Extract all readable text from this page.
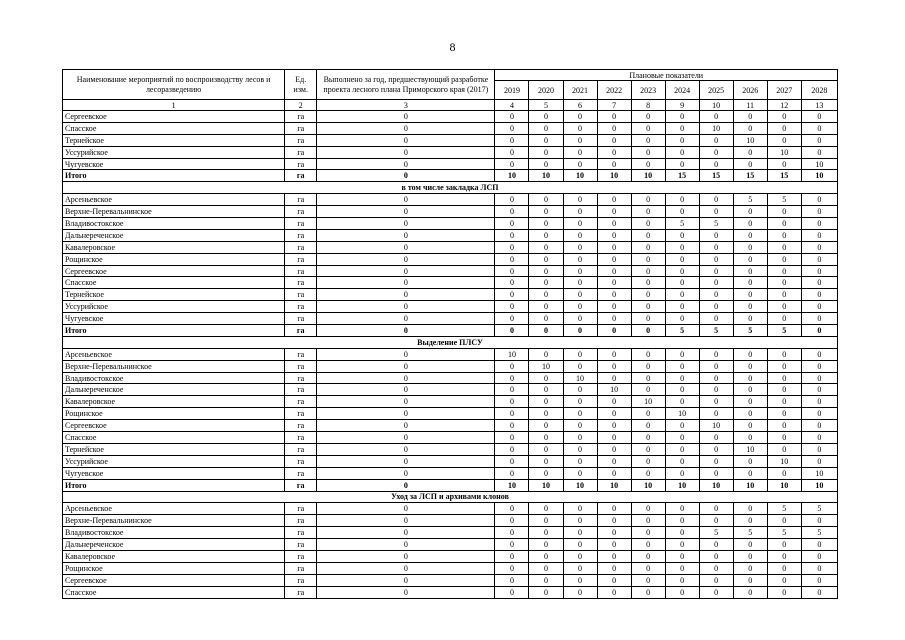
8
Наименование мероприятий по воспроизводству лесов и лесоразведению	Ед. изм.	Выполнено за год, предшествующий разработке проекта лесного плана Приморского края (2017)	Плановые показатели									
			2019	2020	2021	2022	2023	2024	2025	2026	2027	2028
1	2	3	4	5	6	7	8	9	10	11	12	13
Сергеевское	га	0	0	0	0	0	0	0	0	0	0	0
Спасское	га	0	0	0	0	0	0	0	10	0	0	0
Тернейское	га	0	0	0	0	0	0	0	0	10	0	0
Уссурийское	га	0	0	0	0	0	0	0	0	0	10	0
Чугуевское	га	0	0	0	0	0	0	0	0	0	0	10
Итого	га	0	10	10	10	10	10	15	15	15	15	10
в том числе закладка ЛСП												
Арсеньевское	га	0	0	0	0	0	0	0	0	5	5	0
Верхне-Перевальнинское	га	0	0	0	0	0	0	0	0	0	0	0
Владивостокское	га	0	0	0	0	0	0	5	5	0	0	0
Дальнереченское	га	0	0	0	0	0	0	0	0	0	0	0
Кавалеровское	га	0	0	0	0	0	0	0	0	0	0	0
Рощинское	га	0	0	0	0	0	0	0	0	0	0	0
Сергеевское	га	0	0	0	0	0	0	0	0	0	0	0
Спасское	га	0	0	0	0	0	0	0	0	0	0	0
Тернейское	га	0	0	0	0	0	0	0	0	0	0	0
Уссурийское	га	0	0	0	0	0	0	0	0	0	0	0
Чугуевское	га	0	0	0	0	0	0	0	0	0	0	0
Итого	га	0	0	0	0	0	0	5	5	5	5	0
Выделение ПЛСУ												
Арсеньевское	га	0	10	0	0	0	0	0	0	0	0	0
Верхне-Перевальнинское	га	0	0	10	0	0	0	0	0	0	0	0
Владивостокское	га	0	0	0	10	0	0	0	0	0	0	0
Дальнереченское	га	0	0	0	0	10	0	0	0	0	0	0
Кавалеровское	га	0	0	0	0	0	10	0	0	0	0	0
Рощинское	га	0	0	0	0	0	0	10	0	0	0	0
Сергеевское	га	0	0	0	0	0	0	0	10	0	0	0
Спасское	га	0	0	0	0	0	0	0	0	0	0	0
Тернейское	га	0	0	0	0	0	0	0	0	10	0	0
Уссурийское	га	0	0	0	0	0	0	0	0	0	10	0
Чугуевское	га	0	0	0	0	0	0	0	0	0	0	10
Итого	га	0	10	10	10	10	10	10	10	10	10	10
Уход за ЛСП и архивами клонов												
Арсеньевское	га	0	0	0	0	0	0	0	0	0	5	5
Верхне-Перевальнинское	га	0	0	0	0	0	0	0	0	0	0	0
Владивостокское	га	0	0	0	0	0	0	0	5	5	5	5
Дальнереченское	га	0	0	0	0	0	0	0	0	0	0	0
Кавалеровское	га	0	0	0	0	0	0	0	0	0	0	0
Рощинское	га	0	0	0	0	0	0	0	0	0	0	0
Сергеевское	га	0	0	0	0	0	0	0	0	0	0	0
Спасское	га	0	0	0	0	0	0	0	0	0	0	0
